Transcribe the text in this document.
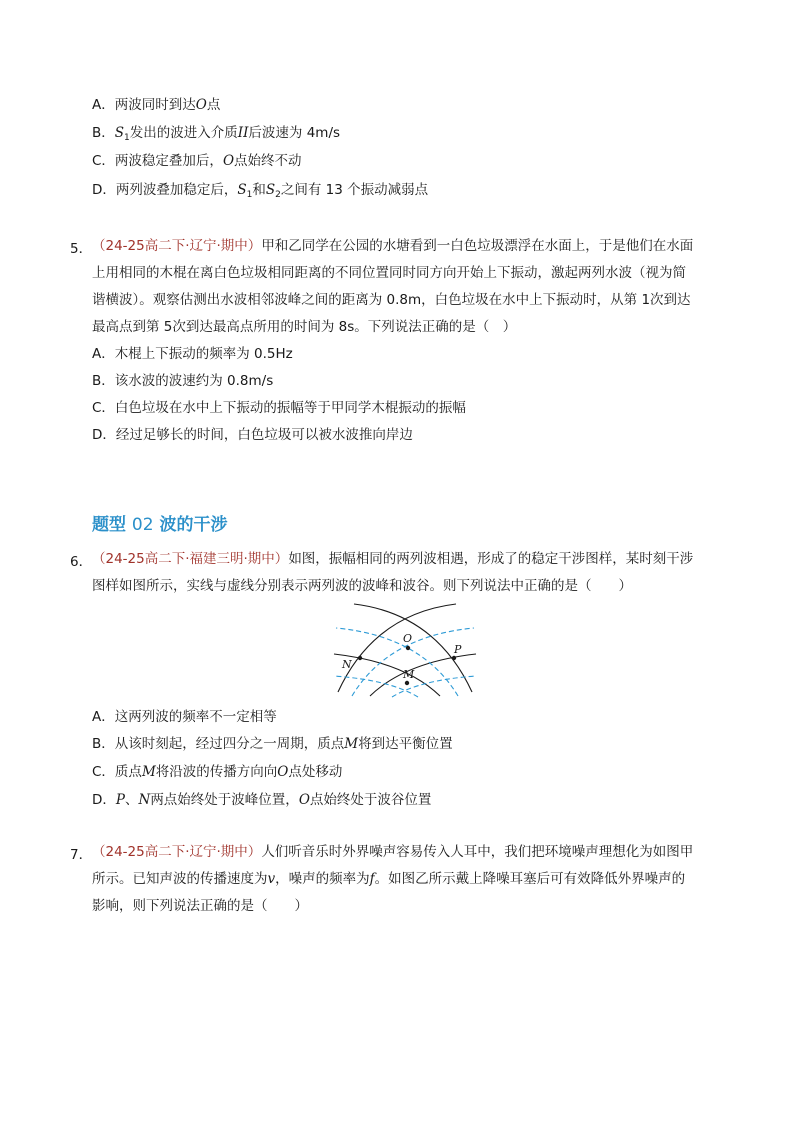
A．两波同时到达O点
B．$S_1$发出的波进入介质II后波速为 4m/s
C．两波稳定叠加后，O点始终不动
D．两列波叠加稳定后，$S_1$和$S_2$之间有 13 个振动减弱点
5． （24-25高二下·辽宁·期中）甲和乙同学在公园的水塘看到一白色垃圾漂浮在水面上，于是他们在水面
上用相同的木棍在离白色垃圾相同距离的不同位置同时同方向开始上下振动，激起两列水波（视为简
谐横波）。观察估测出水波相邻波峰之间的距离为 0.8m，白色垃圾在水中上下振动时，从第 1次到达
最高点到第 5次到达最高点所用的时间为 8s。下列说法正确的是（　）
A．木棍上下振动的频率为 0.5Hz
B．该水波的波速约为 0.8m/s
C．白色垃圾在水中上下振动的振幅等于甲同学木棍振动的振幅
D．经过足够长的时间，白色垃圾可以被水波推向岸边
题型 02 波的干涉
6． （24-25高二下·福建三明·期中）如图，振幅相同的两列波相遇，形成了的稳定干涉图样，某时刻干涉
图样如图所示，实线与虚线分别表示两列波的波峰和波谷。则下列说法中正确的是（　　）
O
P
N
M
A．这两列波的频率不一定相等
B．从该时刻起，经过四分之一周期，质点M将到达平衡位置
C．质点M将沿波的传播方向向O点处移动
D．P、N两点始终处于波峰位置，O点始终处于波谷位置
7． （24-25高二下·辽宁·期中）人们听音乐时外界噪声容易传入人耳中，我们把环境噪声理想化为如图甲
所示。已知声波的传播速度为v，噪声的频率为f。如图乙所示戴上降噪耳塞后可有效降低外界噪声的
影响，则下列说法正确的是（　　）
